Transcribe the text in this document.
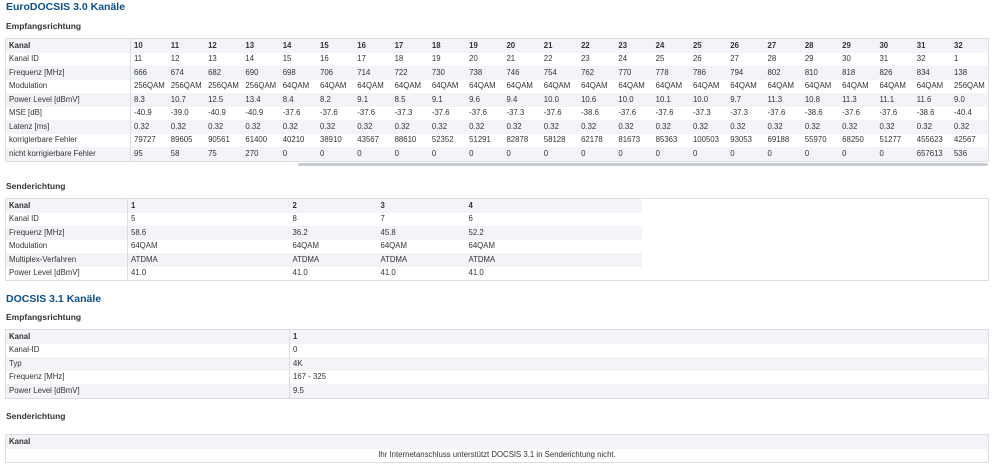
EuroDOCSIS 3.0 Kanäle
Empfangsrichtung
Kanal	10	11	12	13	14	15	16	17	18	19	20	21	22	23	24	25	26	27	28	29	30	31	32
Kanal ID	11	12	13	14	15	16	17	18	19	20	21	22	23	24	25	26	27	28	29	30	31	32	1
Frequenz [MHz]	666	674	682	690	698	706	714	722	730	738	746	754	762	770	778	786	794	802	810	818	826	834	138
Modulation	256QAM	256QAM	256QAM	256QAM	64QAM	64QAM	64QAM	64QAM	64QAM	64QAM	64QAM	64QAM	64QAM	64QAM	64QAM	64QAM	64QAM	64QAM	64QAM	64QAM	64QAM	64QAM	256QAM
Power Level [dBmV]	8.3	10.7	12.5	13.4	8.4	8.2	9.1	8.5	9.1	9.6	9.4	10.0	10.6	10.0	10.1	10.0	9.7	11.3	10.8	11.3	11.1	11.6	9.0
MSE [dB]	-40.9	-39.0	-40.9	-40.9	-37.6	-37.6	-37.6	-37.3	-37.6	-37.6	-37.3	-37.6	-38.6	-37.6	-37.6	-37.3	-37.3	-37.6	-38.6	-37.6	-37.6	-38.6	-40.4
Latenz [ms]	0.32	0.32	0.32	0.32	0.32	0.32	0.32	0.32	0.32	0.32	0.32	0.32	0.32	0.32	0.32	0.32	0.32	0.32	0.32	0.32	0.32	0.32	0.32
korrigierbare Fehler	79727	89605	90561	61400	40210	38910	43567	88610	52352	51291	82878	58128	62178	81673	85363	100503	93053	69188	55970	68250	51277	455623	42567
nicht korrigierbare Fehler	95	58	75	270	0	0	0	0	0	0	0	0	0	0	0	0	0	0	0	0	0	657613	536
Senderichtung
Kanal	1	2	3	4	
Kanal ID	5	8	7	6	
Frequenz [MHz]	58.6	36.2	45.8	52.2	
Modulation	64QAM	64QAM	64QAM	64QAM	
Multiplex-Verfahren	ATDMA	ATDMA	ATDMA	ATDMA	
Power Level [dBmV]	41.0	41.0	41.0	41.0	
DOCSIS 3.1 Kanäle
Empfangsrichtung
Kanal	1
Kanal-ID	0
Typ	4K
Frequenz [MHz]	167 - 325
Power Level [dBmV]	9.5
Senderichtung
Kanal
Ihr Internetanschluss unterstützt DOCSIS 3.1 in Senderichtung nicht.
